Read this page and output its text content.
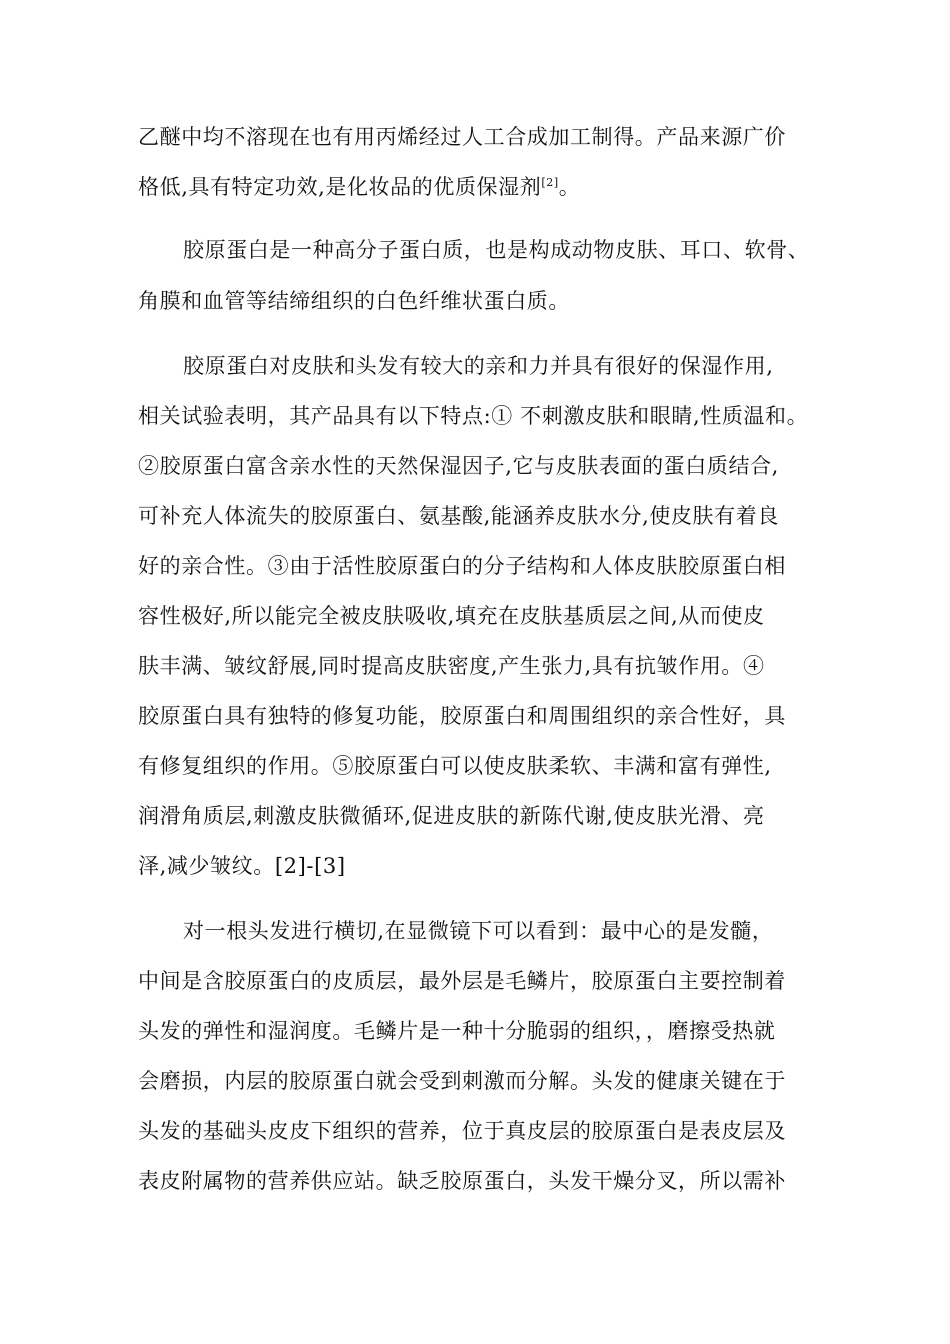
乙醚中均不溶现在也有用丙烯经过人工合成加工制得。产品来源广价
格低,具有特定功效,是化妆品的优质保湿剂[2]。
胶原蛋白是一种高分子蛋白质，也是构成动物皮肤、耳口、软骨、
角膜和血管等结缔组织的白色纤维状蛋白质。
胶原蛋白对皮肤和头发有较大的亲和力并具有很好的保湿作用,
相关试验表明，其产品具有以下特点:① 不刺激皮肤和眼睛,性质温和。
②胶原蛋白富含亲水性的天然保湿因子,它与皮肤表面的蛋白质结合,
可补充人体流失的胶原蛋白、氨基酸,能涵养皮肤水分,使皮肤有着良
好的亲合性。③由于活性胶原蛋白的分子结构和人体皮肤胶原蛋白相
容性极好,所以能完全被皮肤吸收,填充在皮肤基质层之间,从而使皮
肤丰满、皱纹舒展,同时提高皮肤密度,产生张力,具有抗皱作用。④
胶原蛋白具有独特的修复功能，胶原蛋白和周围组织的亲合性好，具
有修复组织的作用。⑤胶原蛋白可以使皮肤柔软、丰满和富有弹性,
润滑角质层,刺激皮肤微循环,促进皮肤的新陈代谢,使皮肤光滑、亮
泽,减少皱纹。[2]-[3]
对一根头发进行横切,在显微镜下可以看到：最中心的是发髓，
中间是含胶原蛋白的皮质层，最外层是毛鳞片，胶原蛋白主要控制着
头发的弹性和湿润度。毛鳞片是一种十分脆弱的组织，，磨擦受热就
会磨损，内层的胶原蛋白就会受到刺激而分解。头发的健康关键在于
头发的基础头皮皮下组织的营养，位于真皮层的胶原蛋白是表皮层及
表皮附属物的营养供应站。缺乏胶原蛋白，头发干燥分叉，所以需补
